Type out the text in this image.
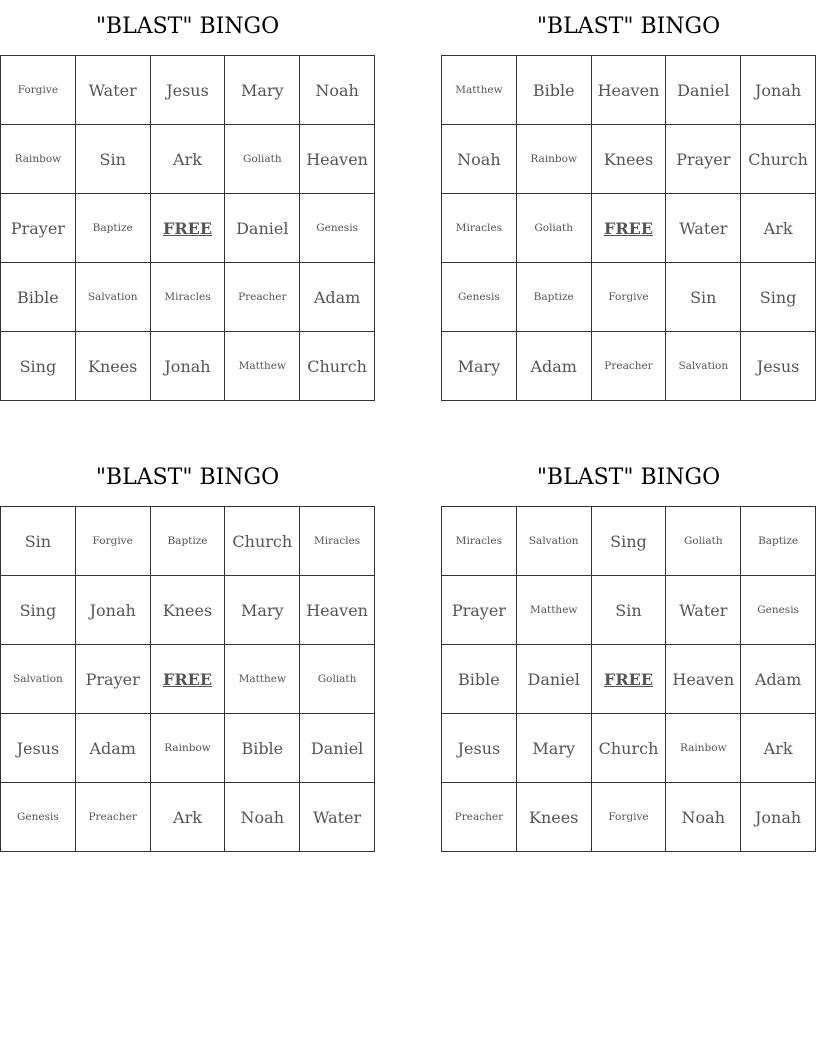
"BLAST" BINGO
Forgive	Water	Jesus	Mary	Noah
Rainbow	Sin	Ark	Goliath	Heaven
Prayer	Baptize	FREE	Daniel	Genesis
Bible	Salvation	Miracles	Preacher	Adam
Sing	Knees	Jonah	Matthew	Church
"BLAST" BINGO
Matthew	Bible	Heaven	Daniel	Jonah
Noah	Rainbow	Knees	Prayer	Church
Miracles	Goliath	FREE	Water	Ark
Genesis	Baptize	Forgive	Sin	Sing
Mary	Adam	Preacher	Salvation	Jesus
"BLAST" BINGO
Sin	Forgive	Baptize	Church	Miracles
Sing	Jonah	Knees	Mary	Heaven
Salvation	Prayer	FREE	Matthew	Goliath
Jesus	Adam	Rainbow	Bible	Daniel
Genesis	Preacher	Ark	Noah	Water
"BLAST" BINGO
Miracles	Salvation	Sing	Goliath	Baptize
Prayer	Matthew	Sin	Water	Genesis
Bible	Daniel	FREE	Heaven	Adam
Jesus	Mary	Church	Rainbow	Ark
Preacher	Knees	Forgive	Noah	Jonah
